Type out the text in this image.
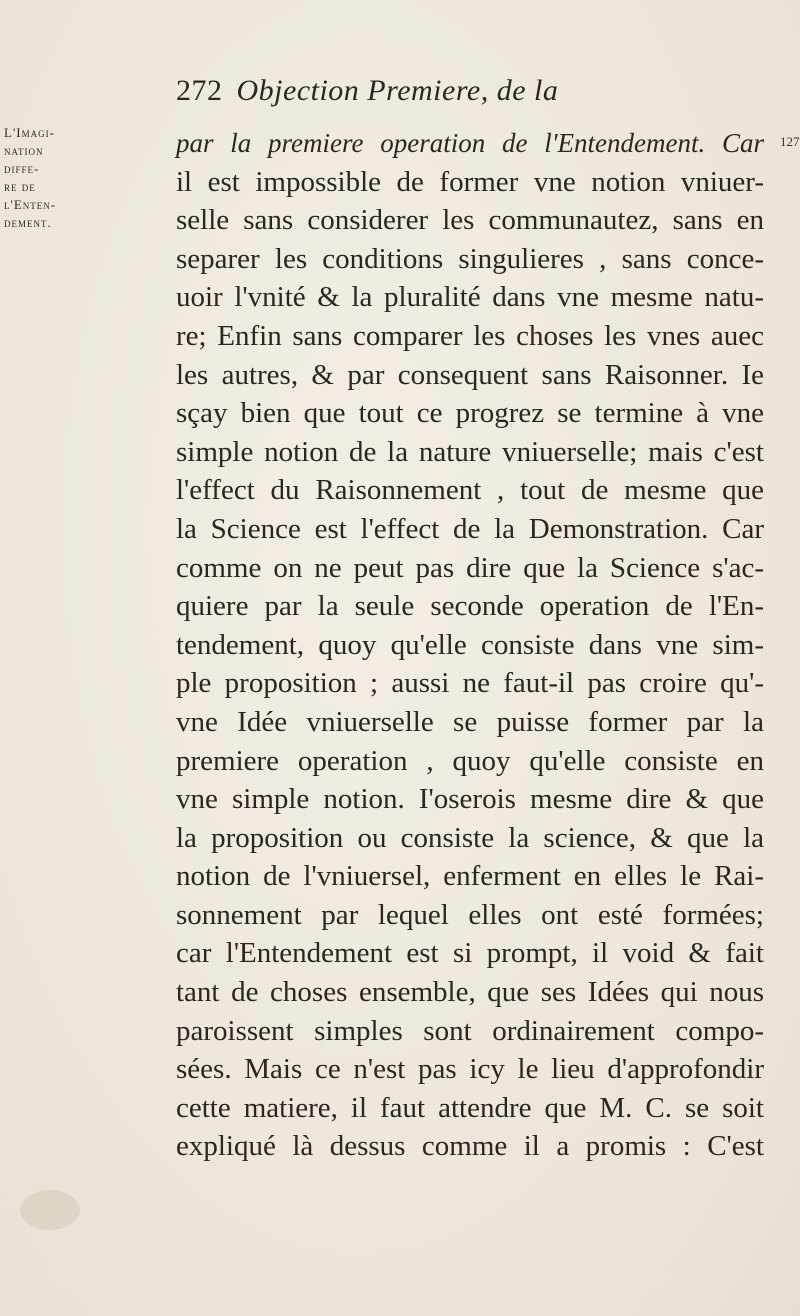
272 Objection Premiere, de la
L'Imagi-
nation
diffe-
re de
l'Enten-
dement.
127
par la premiere operation de l'Entendement. Car
il est impossible de former vne notion vniuer-
selle sans considerer les communautez, sans en
separer les conditions singulieres , sans conce-
uoir l'vnité & la pluralité dans vne mesme natu-
re; Enfin sans comparer les choses les vnes auec
les autres, & par consequent sans Raisonner. Ie
sçay bien que tout ce progrez se termine à vne
simple notion de la nature vniuerselle; mais c'est
l'effect du Raisonnement , tout de mesme que
la Science est l'effect de la Demonstration. Car
comme on ne peut pas dire que la Science s'ac-
quiere par la seule seconde operation de l'En-
tendement, quoy qu'elle consiste dans vne sim-
ple proposition ; aussi ne faut-il pas croire qu'-
vne Idée vniuerselle se puisse former par la
premiere operation , quoy qu'elle consiste en
vne simple notion. I'oserois mesme dire & que
la proposition ou consiste la science, & que la
notion de l'vniuersel, enferment en elles le Rai-
sonnement par lequel elles ont esté formées;
car l'Entendement est si prompt, il void & fait
tant de choses ensemble, que ses Idées qui nous
paroissent simples sont ordinairement compo-
sées. Mais ce n'est pas icy le lieu d'approfondir
cette matiere, il faut attendre que M. C. se soit
expliqué là dessus comme il a promis : C'est
